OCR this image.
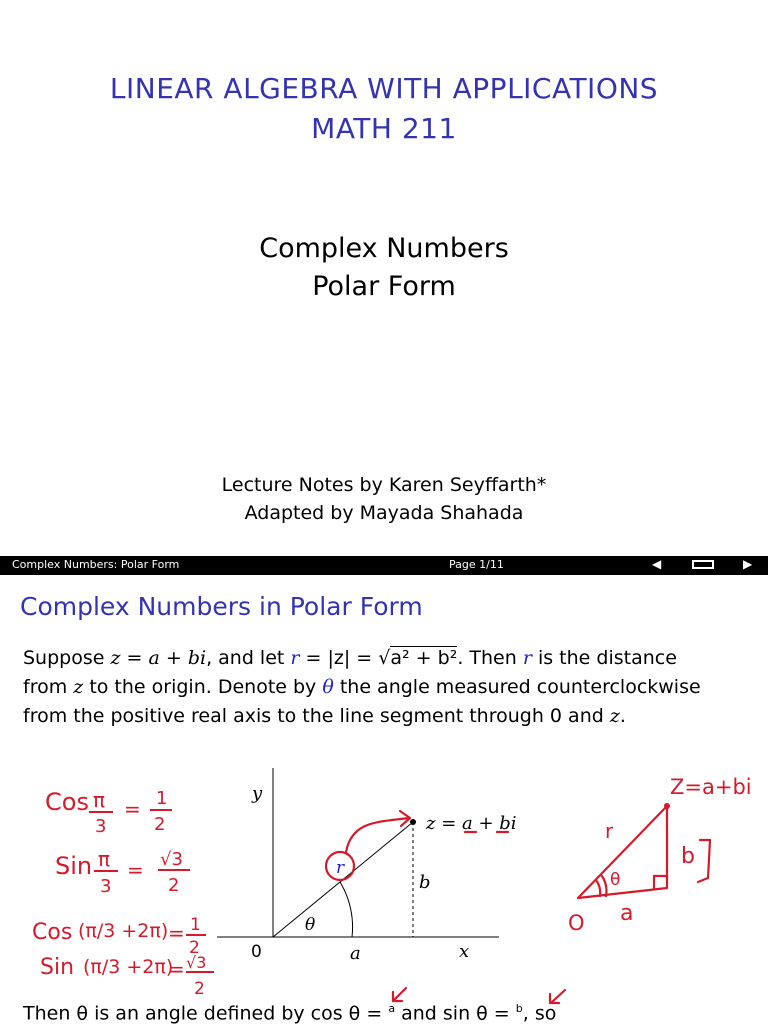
LINEAR ALGEBRA WITH APPLICATIONS
MATH 211
Complex Numbers
Polar Form
Lecture Notes by Karen Seyffarth*
Adapted by Mayada Shahada
Complex Numbers: Polar Form	Page 1/11	◀	▶
Complex Numbers in Polar Form
Suppose z = a + bi, and let r = |z| = √a² + b². Then r is the distance
from z to the origin. Denote by θ the angle measured counterclockwise
from the positive real axis to the line segment through 0 and z.
y
x
0	a
b
r
θ
z = a + bi
Cos π
3
= 1
2
Sin π
3
= √3
2
Cos (π/3 +2π) = 1
2
Sin (π/3 +2π)
= √3
2
Z=a+bi
r
b
a
O
θ
Then θ is an angle defined by cos θ = $^a$ and sin θ = $^b$, so
